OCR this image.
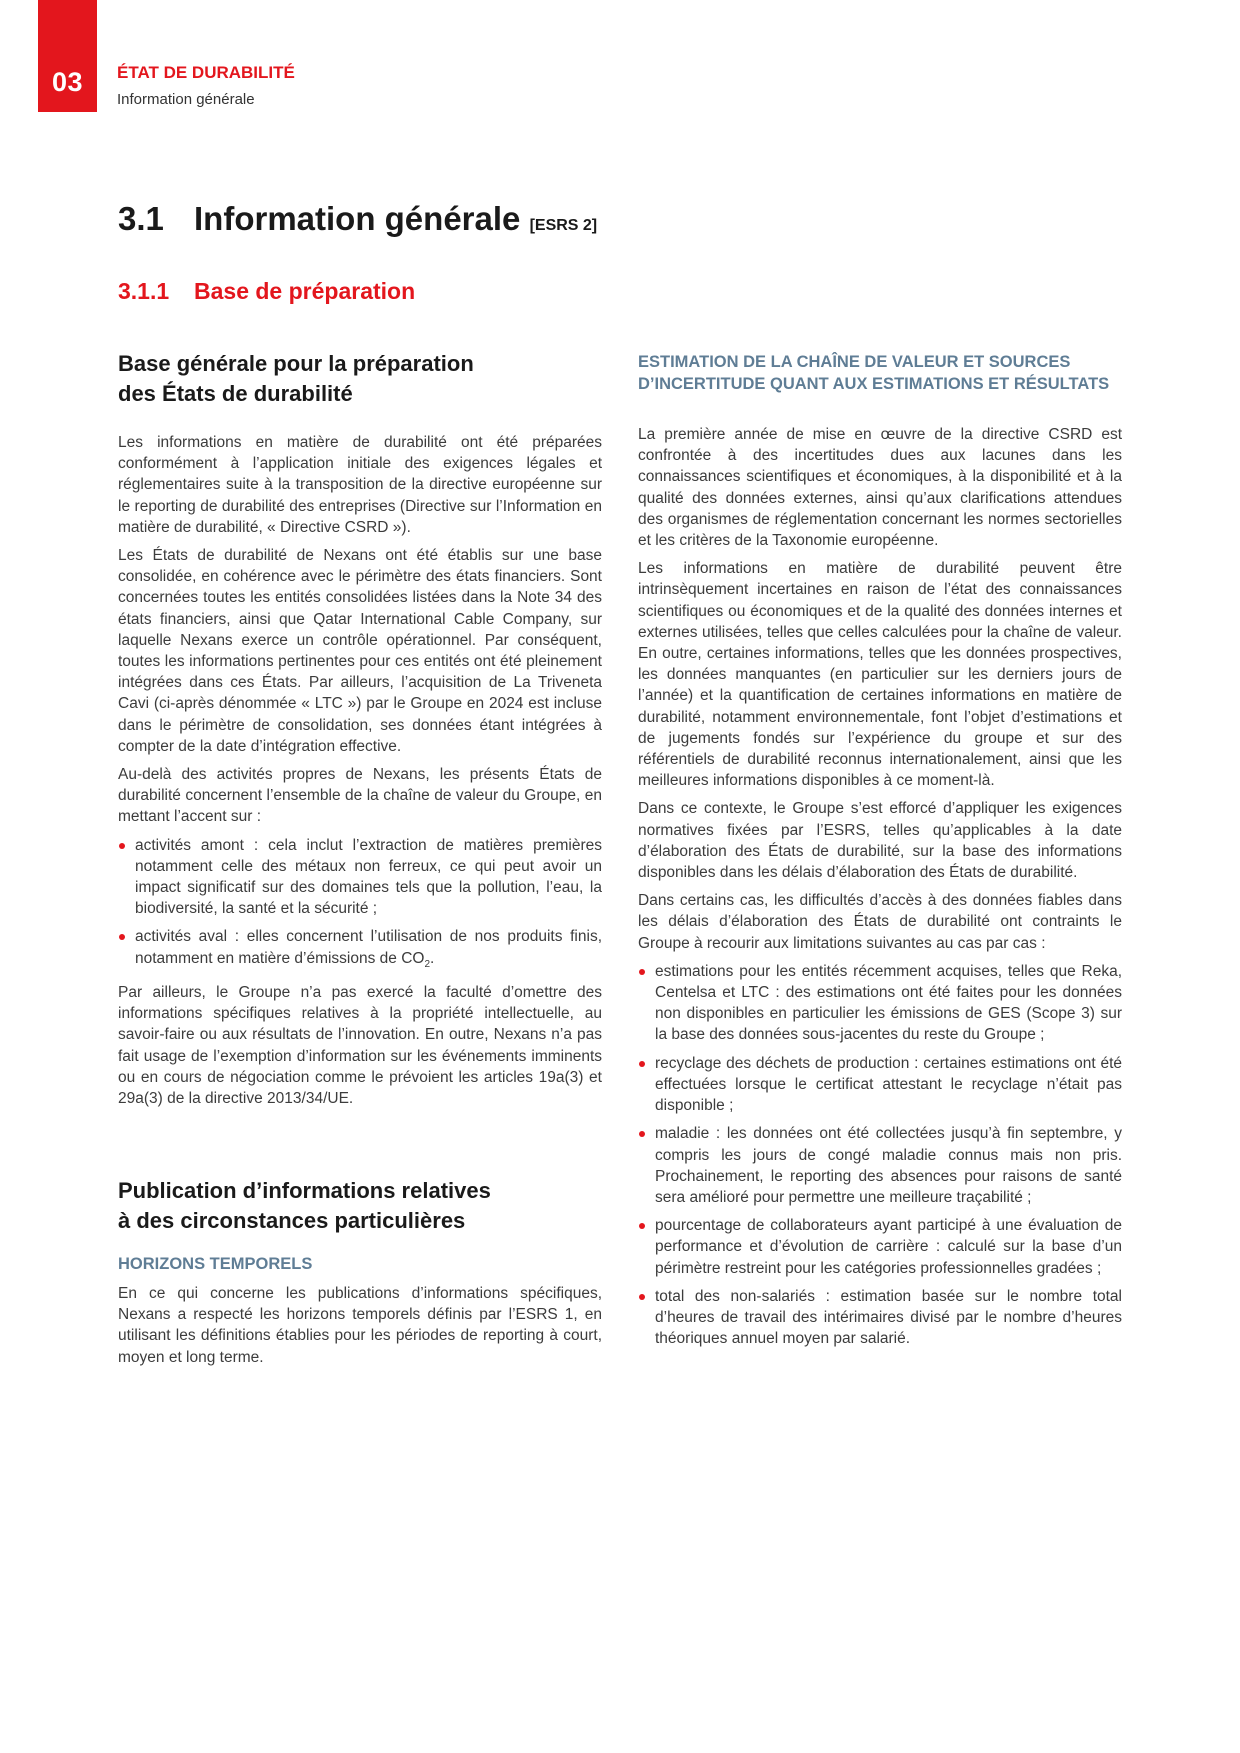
03	ÉTAT DE DURABILITÉ
Information générale
3.1 Information générale [ESRS 2]
3.1.1 Base de préparation
Base générale pour la préparation
des États de durabilité

Les informations en matière de durabilité ont été préparées conformément à l’application initiale des exigences légales et réglementaires suite à la transposition de la directive européenne sur le reporting de durabilité des entreprises (Directive sur l’Information en matière de durabilité, « Directive CSRD »).

Les États de durabilité de Nexans ont été établis sur une base consolidée, en cohérence avec le périmètre des états financiers. Sont concernées toutes les entités consolidées listées dans la Note 34 des états financiers, ainsi que Qatar International Cable Company, sur laquelle Nexans exerce un contrôle opérationnel. Par conséquent, toutes les informations pertinentes pour ces entités ont été pleinement intégrées dans ces États. Par ailleurs, l’acquisition de La Triveneta Cavi (ci-après dénommée « LTC ») par le Groupe en 2024 est incluse dans le périmètre de consolidation, ses données étant intégrées à compter de la date d’intégration effective.

Au-delà des activités propres de Nexans, les présents États de durabilité concernent l’ensemble de la chaîne de valeur du Groupe, en mettant l’accent sur :

activités amont : cela inclut l’extraction de matières premières notamment celle des métaux non ferreux, ce qui peut avoir un impact significatif sur des domaines tels que la pollution, l’eau, la biodiversité, la santé et la sécurité ;
activités aval : elles concernent l’utilisation de nos produits finis, notamment en matière d’émissions de $CO_2$.

Par ailleurs, le Groupe n’a pas exercé la faculté d’omettre des informations spécifiques relatives à la propriété intellectuelle, au savoir-faire ou aux résultats de l’innovation. En outre, Nexans n’a pas fait usage de l’exemption d’information sur les événements imminents ou en cours de négociation comme le prévoient les articles 19a(3) et 29a(3) de la directive 2013/34/UE.

Publication d’informations relatives
à des circonstances particulières
HORIZONS TEMPORELS

En ce qui concerne les publications d’informations spécifiques, Nexans a respecté les horizons temporels définis par l’ESRS 1, en utilisant les définitions établies pour les périodes de reporting à court, moyen et long terme.

ESTIMATION DE LA CHAÎNE DE VALEUR ET SOURCES D’INCERTITUDE QUANT AUX ESTIMATIONS ET RÉSULTATS

La première année de mise en œuvre de la directive CSRD est confrontée à des incertitudes dues aux lacunes dans les connaissances scientifiques et économiques, à la disponibilité et à la qualité des données externes, ainsi qu’aux clarifications attendues des organismes de réglementation concernant les normes sectorielles et les critères de la Taxonomie européenne.

Les informations en matière de durabilité peuvent être intrinsèquement incertaines en raison de l’état des connaissances scientifiques ou économiques et de la qualité des données internes et externes utilisées, telles que celles calculées pour la chaîne de valeur. En outre, certaines informations, telles que les données prospectives, les données manquantes (en particulier sur les derniers jours de l’année) et la quantification de certaines informations en matière de durabilité, notamment environnementale, font l’objet d’estimations et de jugements fondés sur l’expérience du groupe et sur des référentiels de durabilité reconnus internationalement, ainsi que les meilleures informations disponibles à ce moment-là.

Dans ce contexte, le Groupe s’est efforcé d’appliquer les exigences normatives fixées par l’ESRS, telles qu’applicables à la date d’élaboration des États de durabilité, sur la base des informations disponibles dans les délais d’élaboration des États de durabilité.

Dans certains cas, les difficultés d’accès à des données fiables dans les délais d’élaboration des États de durabilité ont contraints le Groupe à recourir aux limitations suivantes au cas par cas :

estimations pour les entités récemment acquises, telles que Reka, Centelsa et LTC : des estimations ont été faites pour les données non disponibles en particulier les émissions de GES (Scope 3) sur la base des données sous-jacentes du reste du Groupe ;
recyclage des déchets de production : certaines estimations ont été effectuées lorsque le certificat attestant le recyclage n’était pas disponible ;
maladie : les données ont été collectées jusqu’à fin septembre, y compris les jours de congé maladie connus mais non pris. Prochainement, le reporting des absences pour raisons de santé sera amélioré pour permettre une meilleure traçabilité ;
pourcentage de collaborateurs ayant participé à une évaluation de performance et d’évolution de carrière : calculé sur la base d’un périmètre restreint pour les catégories professionnelles gradées ;
total des non-salariés : estimation basée sur le nombre total d’heures de travail des intérimaires divisé par le nombre d’heures théoriques annuel moyen par salarié.
